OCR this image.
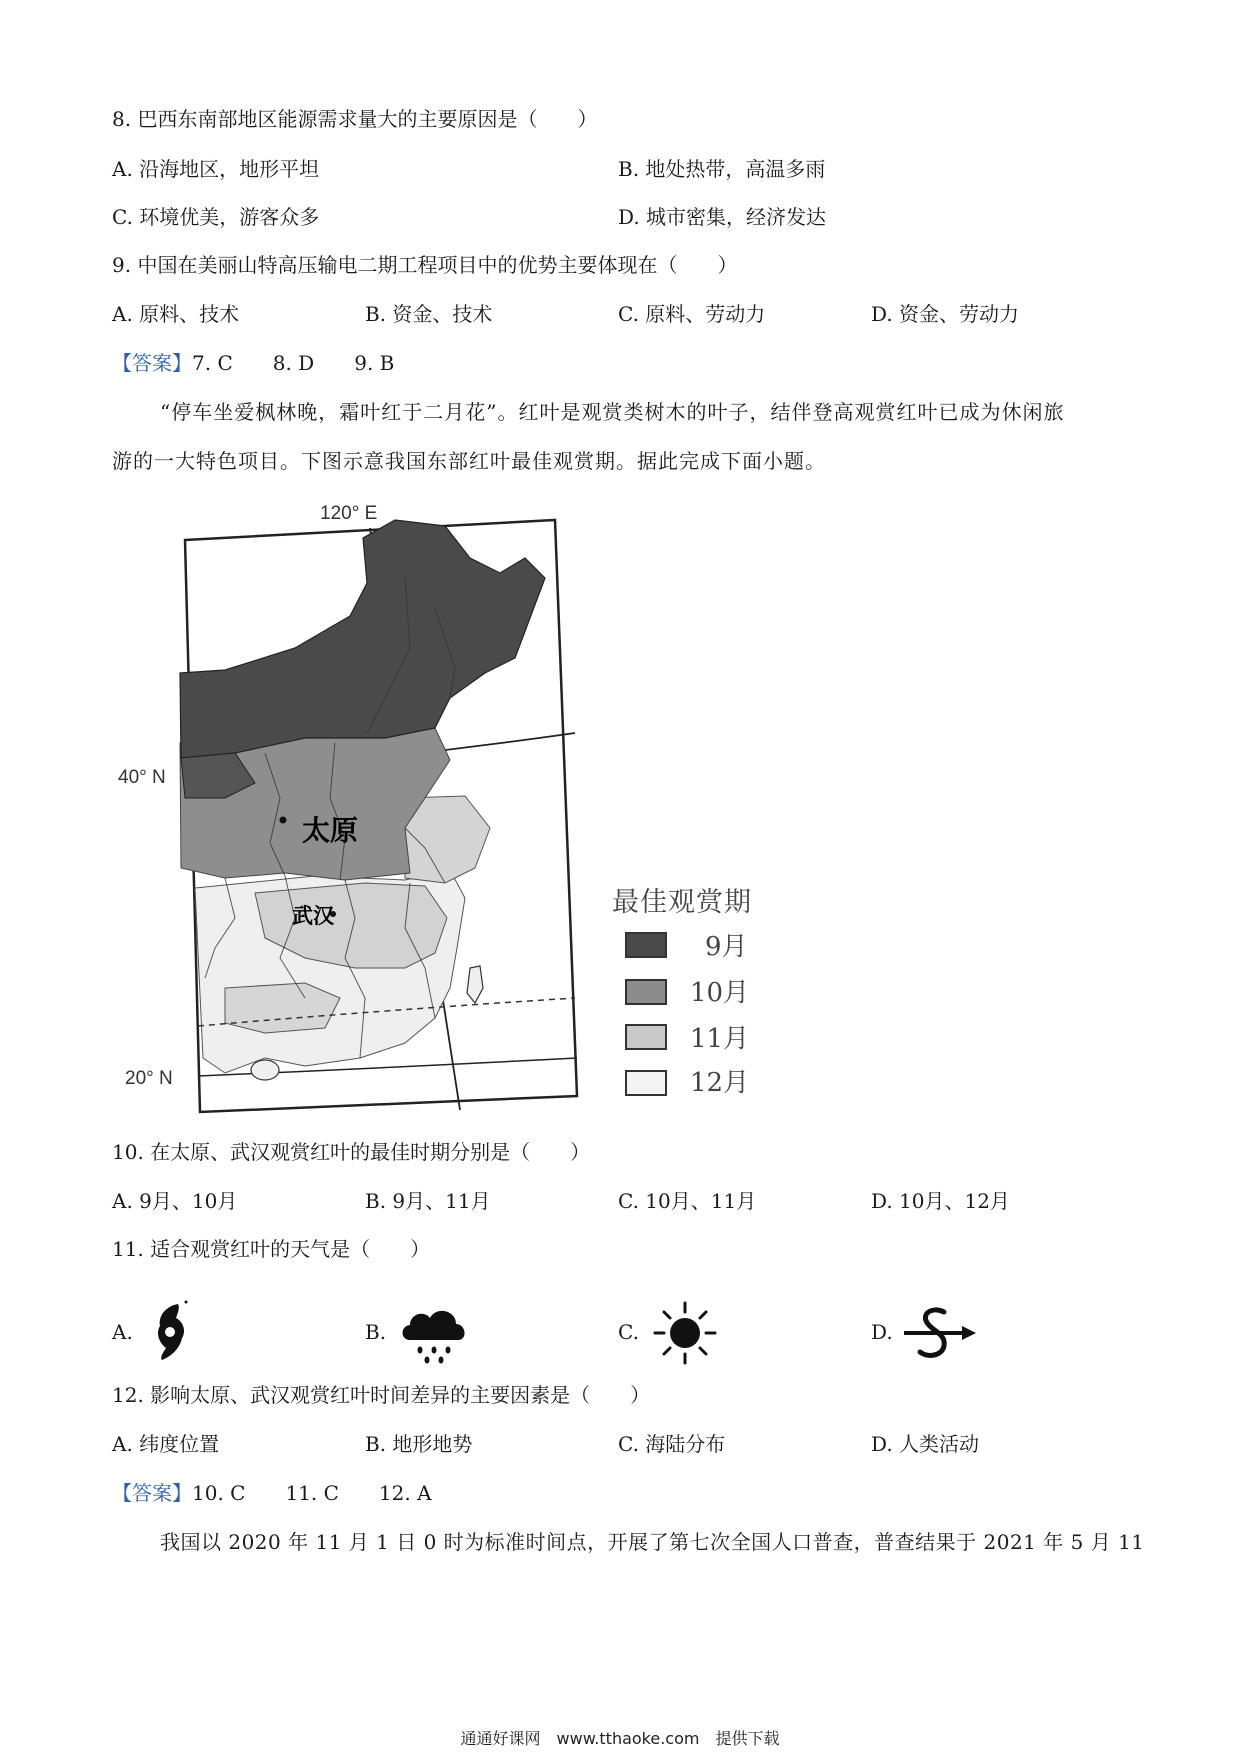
8. 巴西东南部地区能源需求量大的主要原因是（　　）
A. 沿海地区，地形平坦	B. 地处热带，高温多雨
C. 环境优美，游客众多	D. 城市密集，经济发达
9. 中国在美丽山特高压输电二期工程项目中的优势主要体现在（　　）
A. 原料、技术	B. 资金、技术	C. 原料、劳动力	D. 资金、劳动力
【答案】7. C　　8. D　　9. B
“停车坐爱枫林晚，霜叶红于二月花”。红叶是观赏类树木的叶子，结伴登高观赏红叶已成为休闲旅
游的一大特色项目。下图示意我国东部红叶最佳观赏期。据此完成下面小题。
120° E
40° N
20° N
太原
武汉	最佳观赏期
9月
10月
11月
12月
10. 在太原、武汉观赏红叶的最佳时期分别是（　　）
A. 9月、10月	B. 9月、11月	C. 10月、11月	D. 10月、12月
11. 适合观赏红叶的天气是（　　）
A.	B.	C.	D.
12. 影响太原、武汉观赏红叶时间差异的主要因素是（　　）
A. 纬度位置	B. 地形地势	C. 海陆分布	D. 人类活动
【答案】10. C　　11. C　　12. A
我国以 2020 年 11 月 1 日 0 时为标准时间点，开展了第七次全国人口普查，普查结果于 2021 年 5 月 11
通通好课网　www.tthaoke.com　提供下载
